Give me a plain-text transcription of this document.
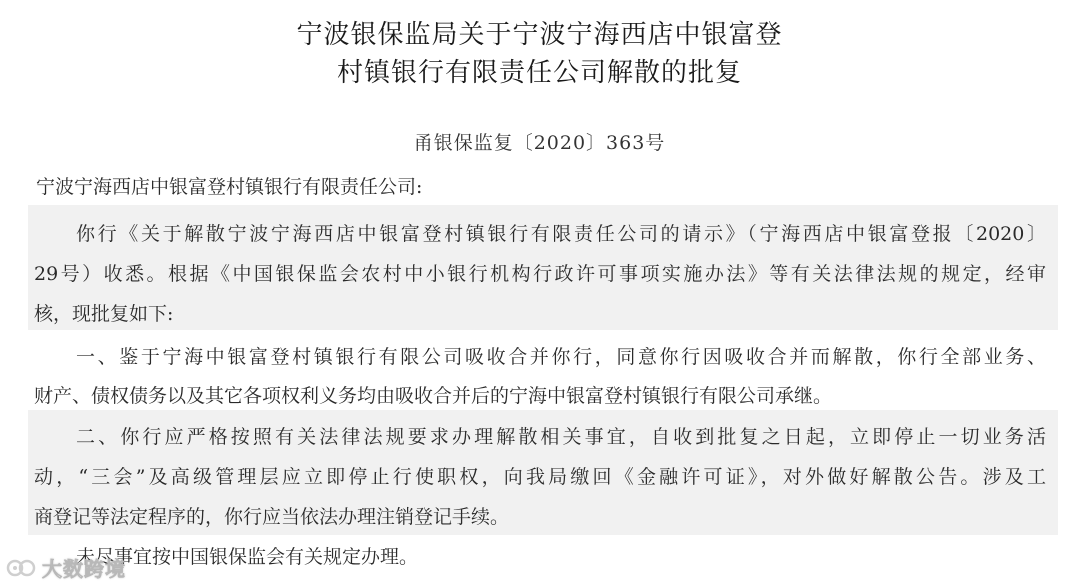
宁波银保监局关于宁波宁海西店中银富登
村镇银行有限责任公司解散的批复
甬银保监复〔2020〕363号
宁波宁海西店中银富登村镇银行有限责任公司:
你行《关于解散宁波宁海西店中银富登村镇银行有限责任公司的请示》（宁海西店中银富登报〔2020〕
29号）收悉。根据《中国银保监会农村中小银行机构行政许可事项实施办法》等有关法律法规的规定，经审
核，现批复如下:
一、鉴于宁海中银富登村镇银行有限公司吸收合并你行，同意你行因吸收合并而解散，你行全部业务、
财产、债权债务以及其它各项权利义务均由吸收合并后的宁海中银富登村镇银行有限公司承继。
二、你行应严格按照有关法律法规要求办理解散相关事宜，自收到批复之日起，立即停止一切业务活
动，“三会”及高级管理层应立即停止行使职权，向我局缴回《金融许可证》，对外做好解散公告。涉及工
商登记等法定程序的，你行应当依法办理注销登记手续。
未尽事宜按中国银保监会有关规定办理。
大数跨境
